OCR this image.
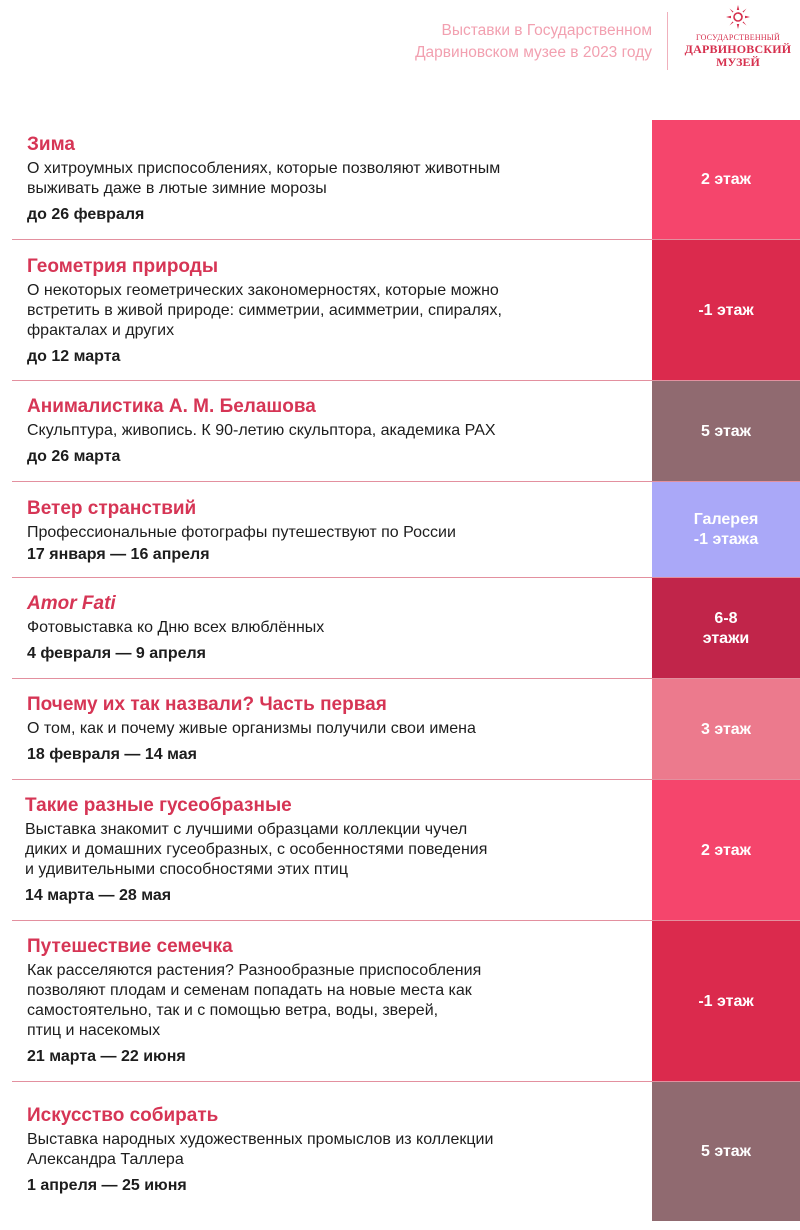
Выставки в Государственном
Дарвиновском музее в 2023 году
ГОСУДАРСТВЕННЫЙ
ДАРВИНОВСКИЙ
МУЗЕЙ
Зима
О хитроумных приспособлениях, которые позволяют животным
выживать даже в лютые зимние морозы
до 26 февраля
2 этаж
Геометрия природы
О некоторых геометрических закономерностях, которые можно
встретить в живой природе: симметрии, асимметрии, спиралях,
фракталах и других
до 12 марта
-1 этаж
Анималистика А. М. Белашова
Скульптура, живопись. К 90-летию скульптора, академика РАХ
до 26 марта
5 этаж
Ветер странствий
Профессиональные фотографы путешествуют по России
17 января — 16 апреля
Галерея
-1 этажа
Amor Fati
Фотовыставка ко Дню всех влюблённых
4 февраля — 9 апреля
6-8
этажи
Почему их так назвали? Часть первая
О том, как и почему живые организмы получили свои имена
18 февраля — 14 мая
3 этаж
Такие разные гусеобразные
Выставка знакомит с лучшими образцами коллекции чучел
диких и домашних гусеобразных, с особенностями поведения
и удивительными способностями этих птиц
14 марта — 28 мая
2 этаж
Путешествие семечка
Как расселяются растения? Разнообразные приспособления
позволяют плодам и семенам попадать на новые места как
самостоятельно, так и с помощью ветра, воды, зверей,
птиц и насекомых
21 марта — 22 июня
-1 этаж
Искусство собирать
Выставка народных художественных промыслов из коллекции
Александра Таллера
1 апреля — 25 июня
5 этаж
